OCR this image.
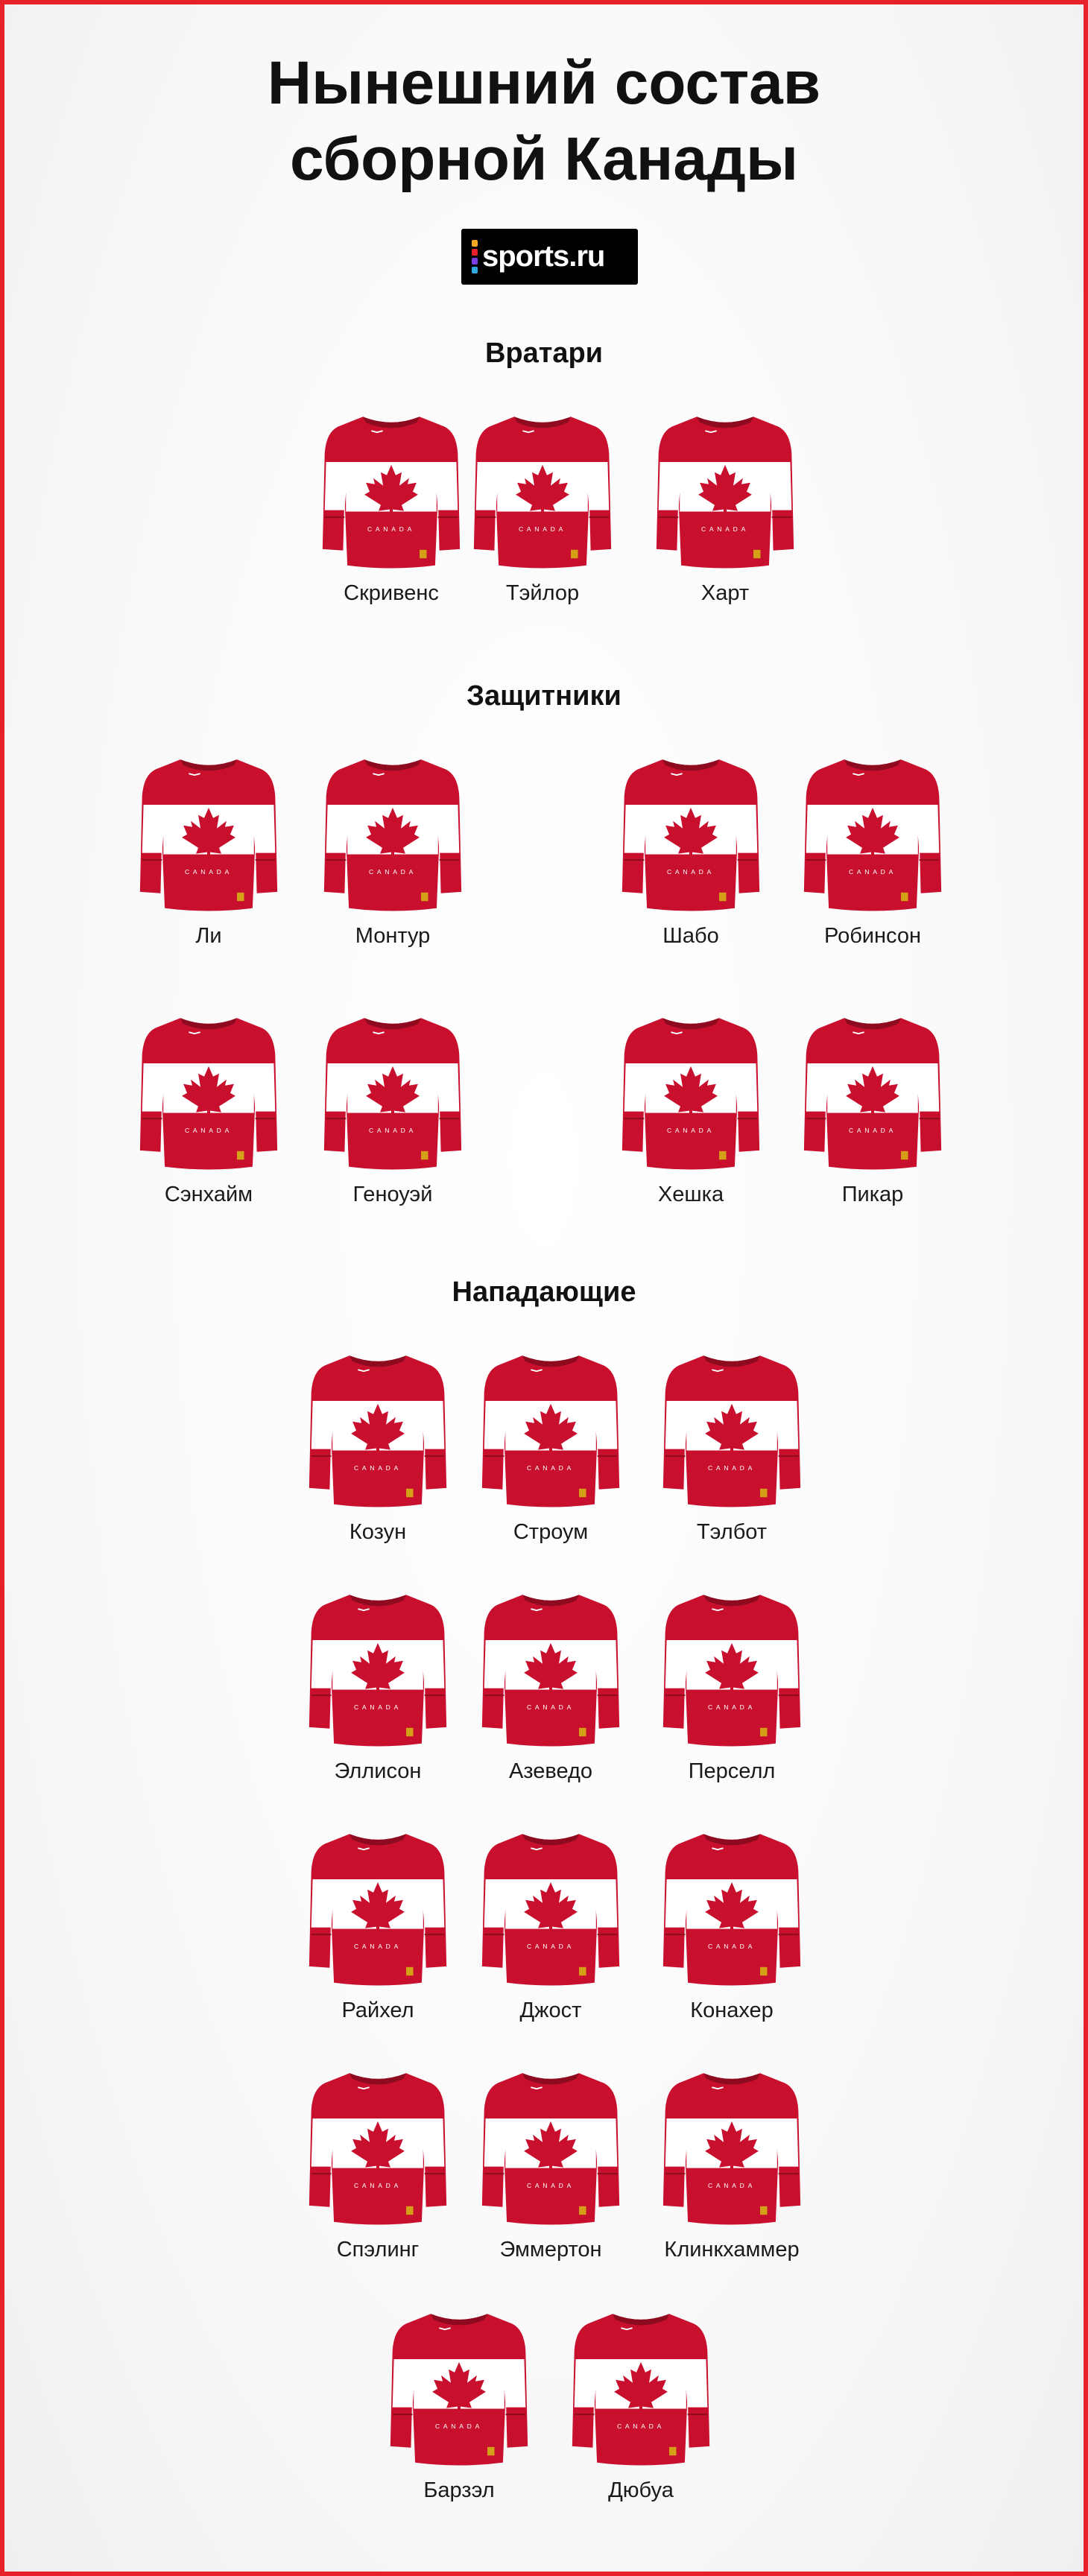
Нынешний состав
сборной Канады
sports.ru
Вратари
Защитники
Нападающие
CANADA
Скривенс
CANADA
Тэйлор
CANADA
Харт
CANADA
Ли
CANADA
Монтур
CANADA
Шабо
CANADA
Робинсон
CANADA
Сэнхайм
CANADA
Геноуэй
CANADA
Хешка
CANADA
Пикар
CANADA
Козун
CANADA
Строум
CANADA
Тэлбот
CANADA
Эллисон
CANADA
Азеведо
CANADA
Перселл
CANADA
Райхел
CANADA
Джост
CANADA
Конахер
CANADA
Спэлинг
CANADA
Эммертон
CANADA
Клинкхаммер
CANADA
Барзэл
CANADA
Дюбуа
